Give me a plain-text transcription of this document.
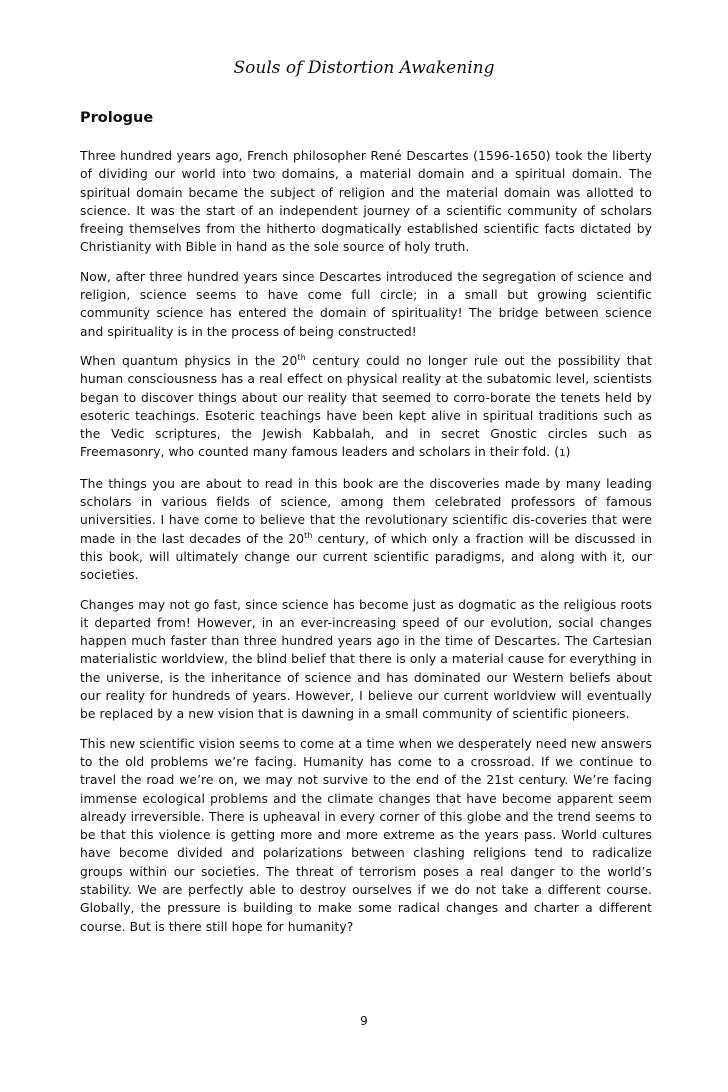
Souls of Distortion Awakening
Prologue

Three hundred years ago, French philosopher René Descartes (1596-1650) took the liberty of dividing our world into two domains, a material domain and a spiritual domain. The spiritual domain became the subject of religion and the material domain was allotted to science. It was the start of an independent journey of a scientific community of scholars freeing themselves from the hitherto dogmatically established scientific facts dictated by Christianity with Bible in hand as the sole source of holy truth.

Now, after three hundred years since Descartes introduced the segregation of science and religion, science seems to have come full circle; in a small but growing scientific community science has entered the domain of spirituality! The bridge between science and spirituality is in the process of being constructed!

When quantum physics in the 20th century could no longer rule out the possibility that human consciousness has a real effect on physical reality at the subatomic level, scientists began to discover things about our reality that seemed to corro-borate the tenets held by esoteric teachings. Esoteric teachings have been kept alive in spiritual traditions such as the Vedic scriptures, the Jewish Kabbalah, and in secret Gnostic circles such as Freemasonry, who counted many famous leaders and scholars in their fold. (1)

The things you are about to read in this book are the discoveries made by many leading scholars in various fields of science, among them celebrated professors of famous universities. I have come to believe that the revolutionary scientific dis-coveries that were made in the last decades of the 20th century, of which only a fraction will be discussed in this book, will ultimately change our current scientific paradigms, and along with it, our societies.

Changes may not go fast, since science has become just as dogmatic as the religious roots it departed from! However, in an ever-increasing speed of our evolution, social changes happen much faster than three hundred years ago in the time of Descartes. The Cartesian materialistic worldview, the blind belief that there is only a material cause for everything in the universe, is the inheritance of science and has dominated our Western beliefs about our reality for hundreds of years. However, I believe our current worldview will eventually be replaced by a new vision that is dawning in a small community of scientific pioneers.

This new scientific vision seems to come at a time when we desperately need new answers to the old problems we’re facing. Humanity has come to a crossroad. If we continue to travel the road we’re on, we may not survive to the end of the 21st century. We’re facing immense ecological problems and the climate changes that have become apparent seem already irreversible. There is upheaval in every corner of this globe and the trend seems to be that this violence is getting more and more extreme as the years pass. World cultures have become divided and polarizations between clashing religions tend to radicalize groups within our societies. The threat of terrorism poses a real danger to the world’s stability. We are perfectly able to destroy ourselves if we do not take a different course. Globally, the pressure is building to make some radical changes and charter a different course. But is there still hope for humanity?

9
